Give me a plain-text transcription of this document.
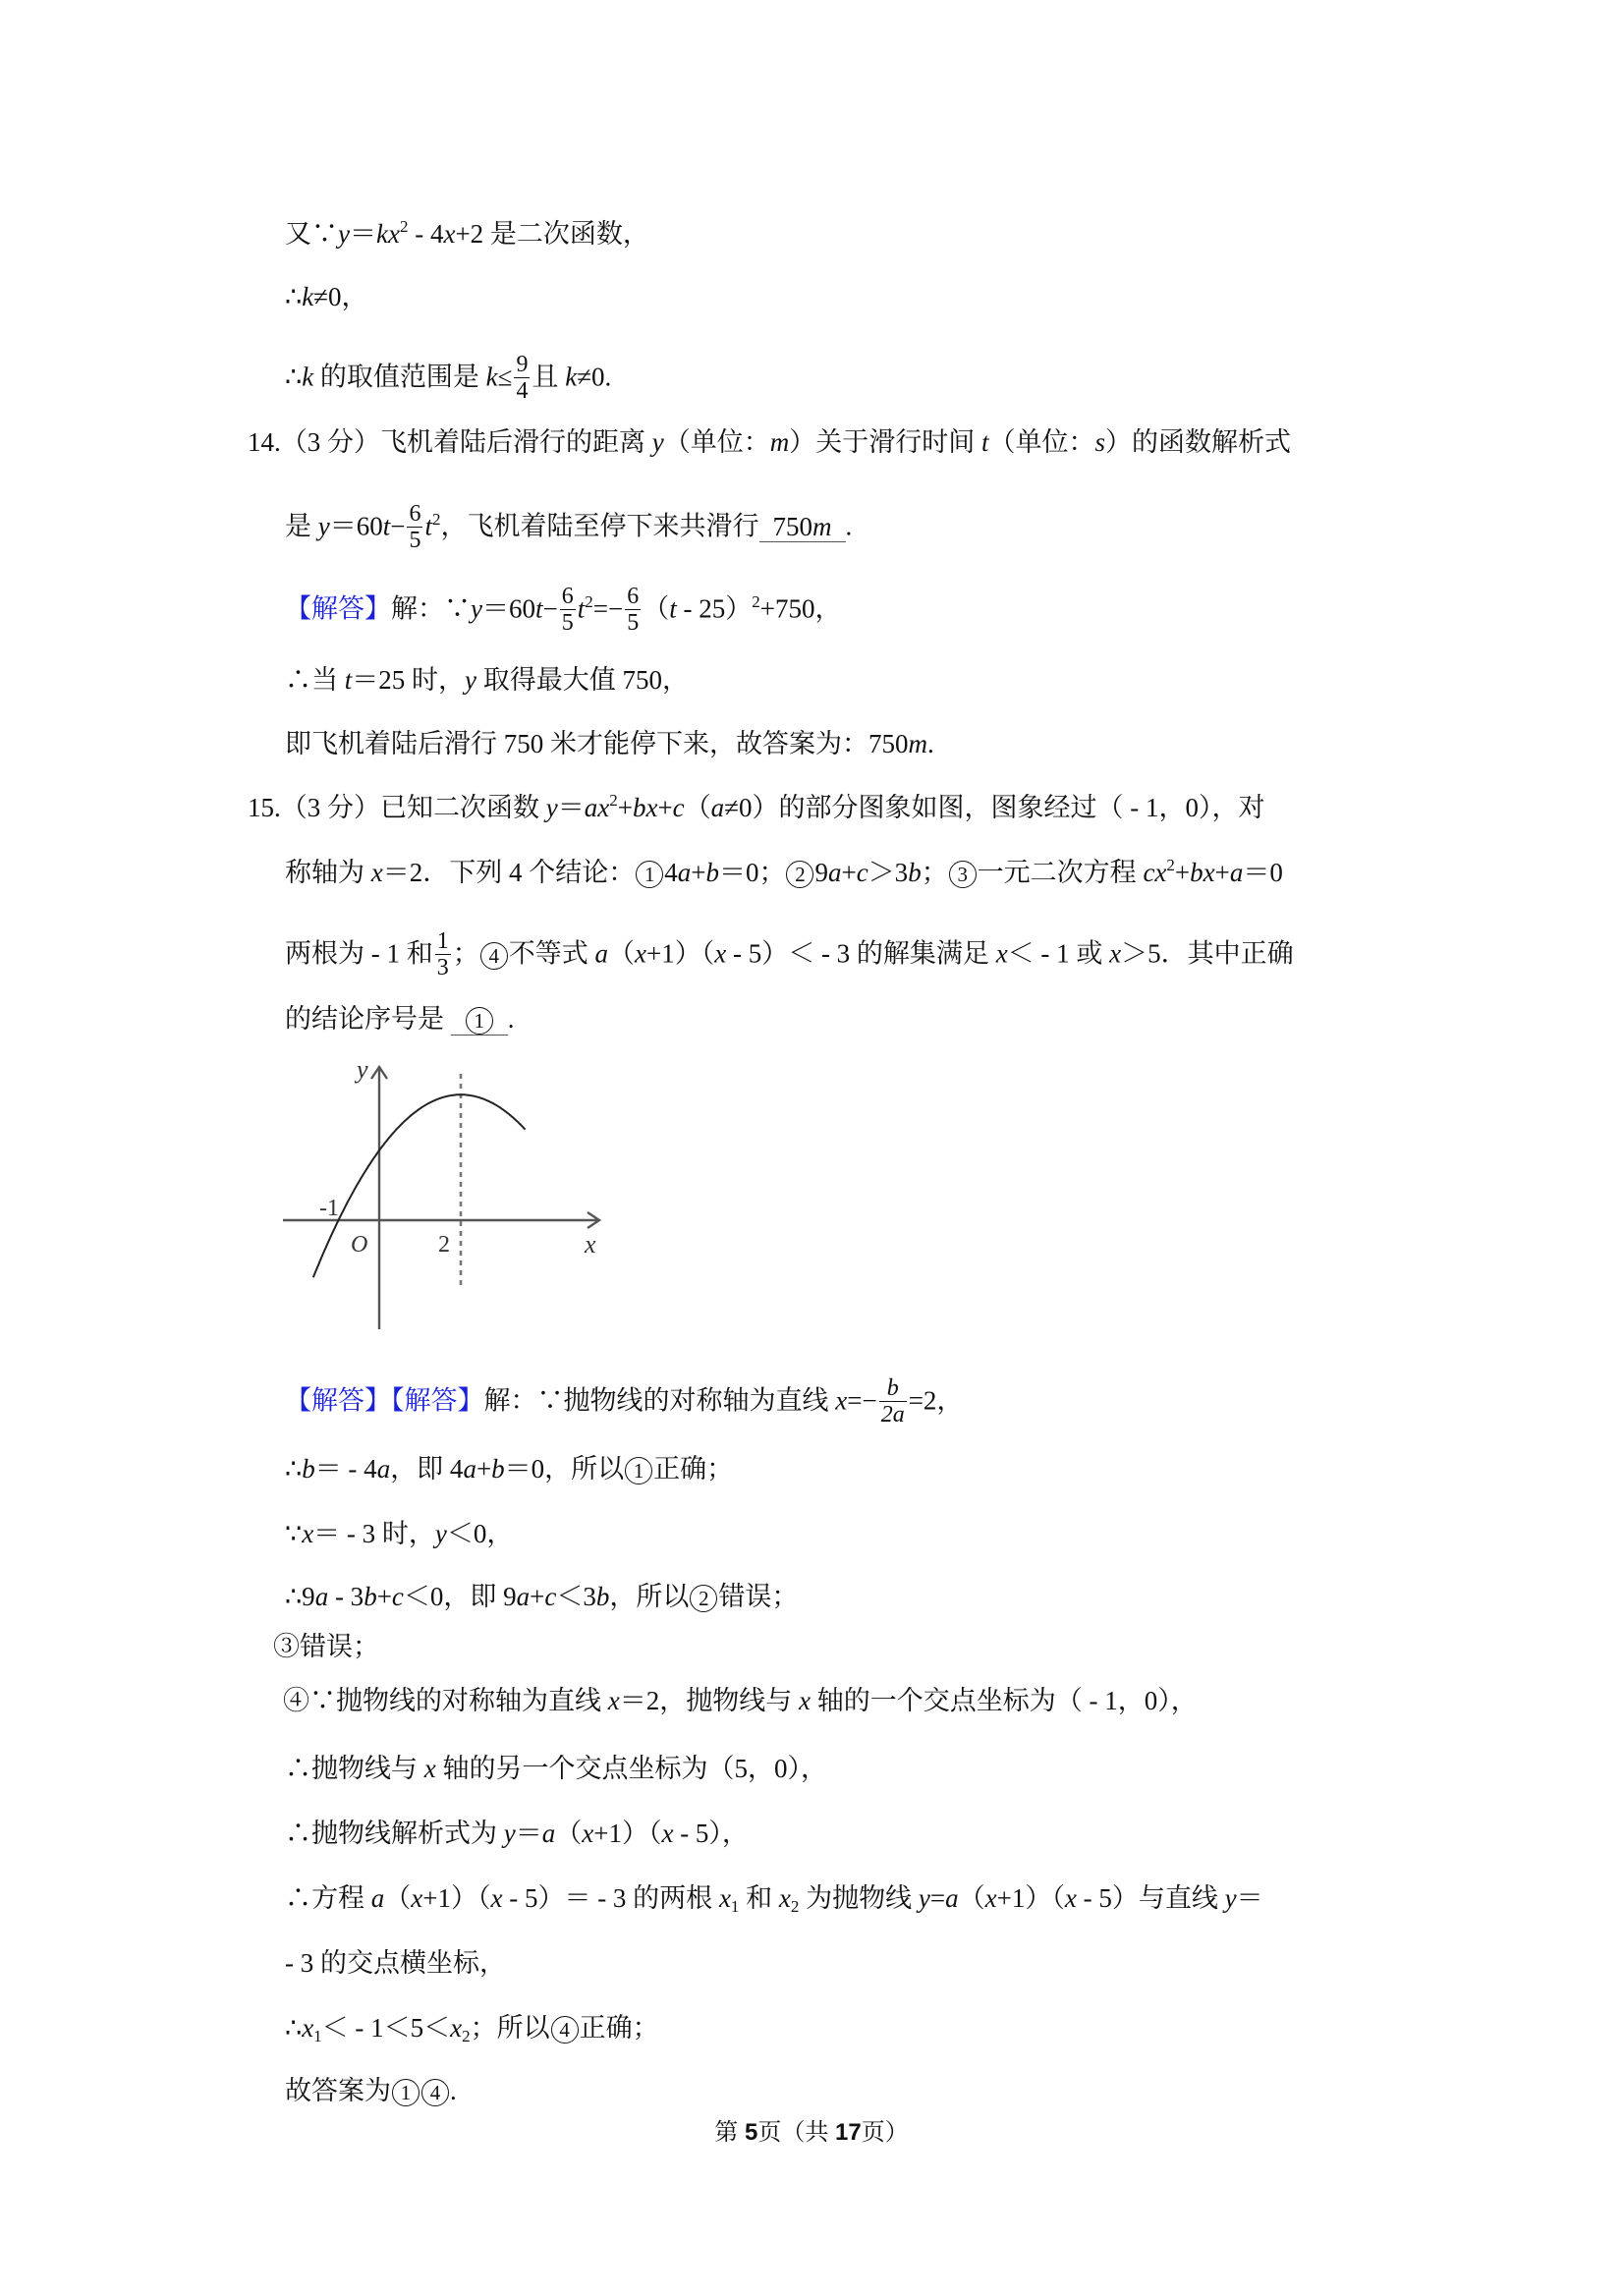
又$\because y=kx^2 - 4x+2$ 是二次函数，
∴k≠0，
∴k 的取值范围是 $k\le \frac{9}{4}$ 且 k≠0.
14.（3 分）飞机着陆后滑行的距离 y（单位：m）关于滑行时间 t（单位：s）的函数解析式
是 $y=60t- \frac{6}{5} t^2$，飞机着陆至停下来共滑行 750m .
【解答】解：∵y＝60t− $\frac{6}{5} t^2=- \frac{6}{5} (t - 25)^2+750$，
∴当 t＝25 时，y 取得最大值 750，
即飞机着陆后滑行 750 米才能停下来，故答案为：750m.
15.（3 分）已知二次函数 $y=ax^2+bx+c(a\ne 0)$的部分图象如图，图象经过（ - 1，0），对
称轴为 x＝2．下列 4 个结论： 1 4a+b＝0； 2 9a+c＞3b； 3 一元二次方程 $cx^2+bx+a=0$
两根为 - 1 和 $\frac{1}{3}$ ； 4 不等式 a（x+1）（x - 5）＜ - 3 的解集满足 x＜ - 1 或 x＞5．其中正确
的结论序号是 1 .
y
x
O
-1
2
【解答】【解答】解：∵抛物线的对称轴为直线 $x=- \frac{b}{2a} =2$，
∴b＝ - 4a，即 4a+b＝0，所以 1 正确；
∵x＝ - 3 时，y＜0，
∴9a - 3b+c＜0，即 9a+c＜3b，所以 2 错误；
③错误；
④∵抛物线的对称轴为直线 x＝2，抛物线与 x 轴的一个交点坐标为（ - 1，0），
∴抛物线与 x 轴的另一个交点坐标为（5，0），
∴抛物线解析式为 y＝a（x+1）（x - 5），
∴方程 a（x+1）（x - 5）＝ - 3 的两根 $x_1$ 和 $x_2$ 为抛物线 y=a（x+1）（x - 5）与直线 y＝
- 3 的交点横坐标，
$\therefore x_1< - 1<5<x_2$；所以 4 正确；
故答案为 1 4 .
第 5页（共 17页）
